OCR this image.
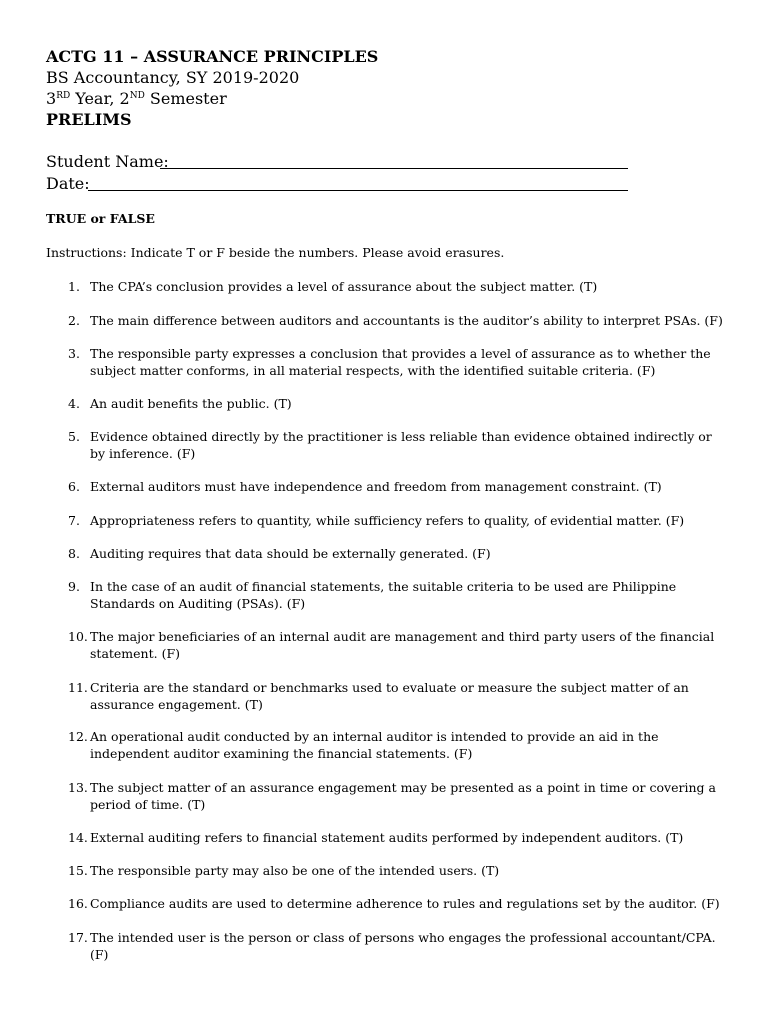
ACTG 11 – ASSURANCE PRINCIPLES
BS Accountancy, SY 2019-2020
3RD Year, 2ND Semester
PRELIMS
Student Name:
Date:
TRUE or FALSE
Instructions: Indicate T or F beside the numbers. Please avoid erasures.
1. The CPA’s conclusion provides a level of assurance about the subject matter. (T)
2. The main difference between auditors and accountants is the auditor’s ability to interpret PSAs. (F)
3. The responsible party expresses a conclusion that provides a level of assurance as to whether the subject matter conforms, in all material respects, with the identified suitable criteria. (F)
4. An audit benefits the public. (T)
5. Evidence obtained directly by the practitioner is less reliable than evidence obtained indirectly or by inference. (F)
6. External auditors must have independence and freedom from management constraint. (T)
7. Appropriateness refers to quantity, while sufficiency refers to quality, of evidential matter. (F)
8. Auditing requires that data should be externally generated. (F)
9. In the case of an audit of financial statements, the suitable criteria to be used are Philippine Standards on Auditing (PSAs). (F)
10. The major beneficiaries of an internal audit are management and third party users of the financial statement. (F)
11. Criteria are the standard or benchmarks used to evaluate or measure the subject matter of an assurance engagement. (T)
12. An operational audit conducted by an internal auditor is intended to provide an aid in the independent auditor examining the financial statements. (F)
13. The subject matter of an assurance engagement may be presented as a point in time or covering a period of time. (T)
14. External auditing refers to financial statement audits performed by independent auditors. (T)
15. The responsible party may also be one of the intended users. (T)
16. Compliance audits are used to determine adherence to rules and regulations set by the auditor. (F)
17. The intended user is the person or class of persons who engages the professional accountant/CPA. (F)
